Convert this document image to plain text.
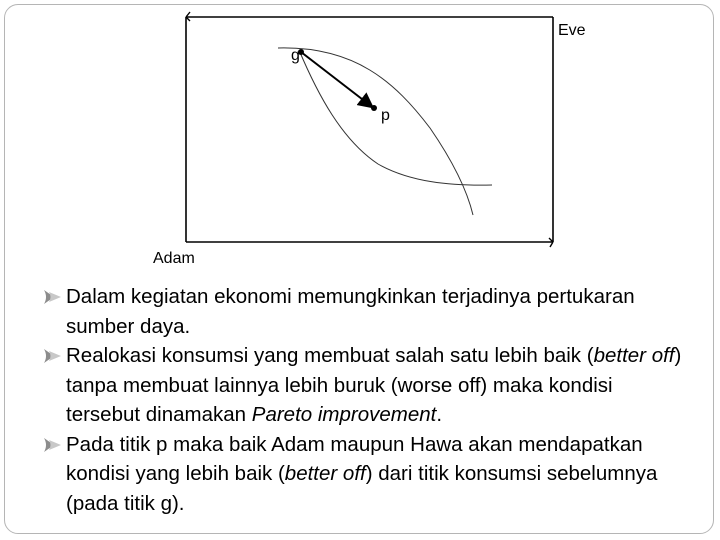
Eve
Adam
g
p
Dalam kegiatan ekonomi memungkinkan terjadinya pertukaran sumber daya.
Realokasi konsumsi yang membuat salah satu lebih baik (better off) tanpa membuat lainnya lebih buruk (worse off) maka kondisi tersebut dinamakan Pareto improvement.
Pada titik p maka baik Adam maupun Hawa akan mendapatkan kondisi yang lebih baik (better off) dari titik konsumsi sebelumnya (pada titik g).
